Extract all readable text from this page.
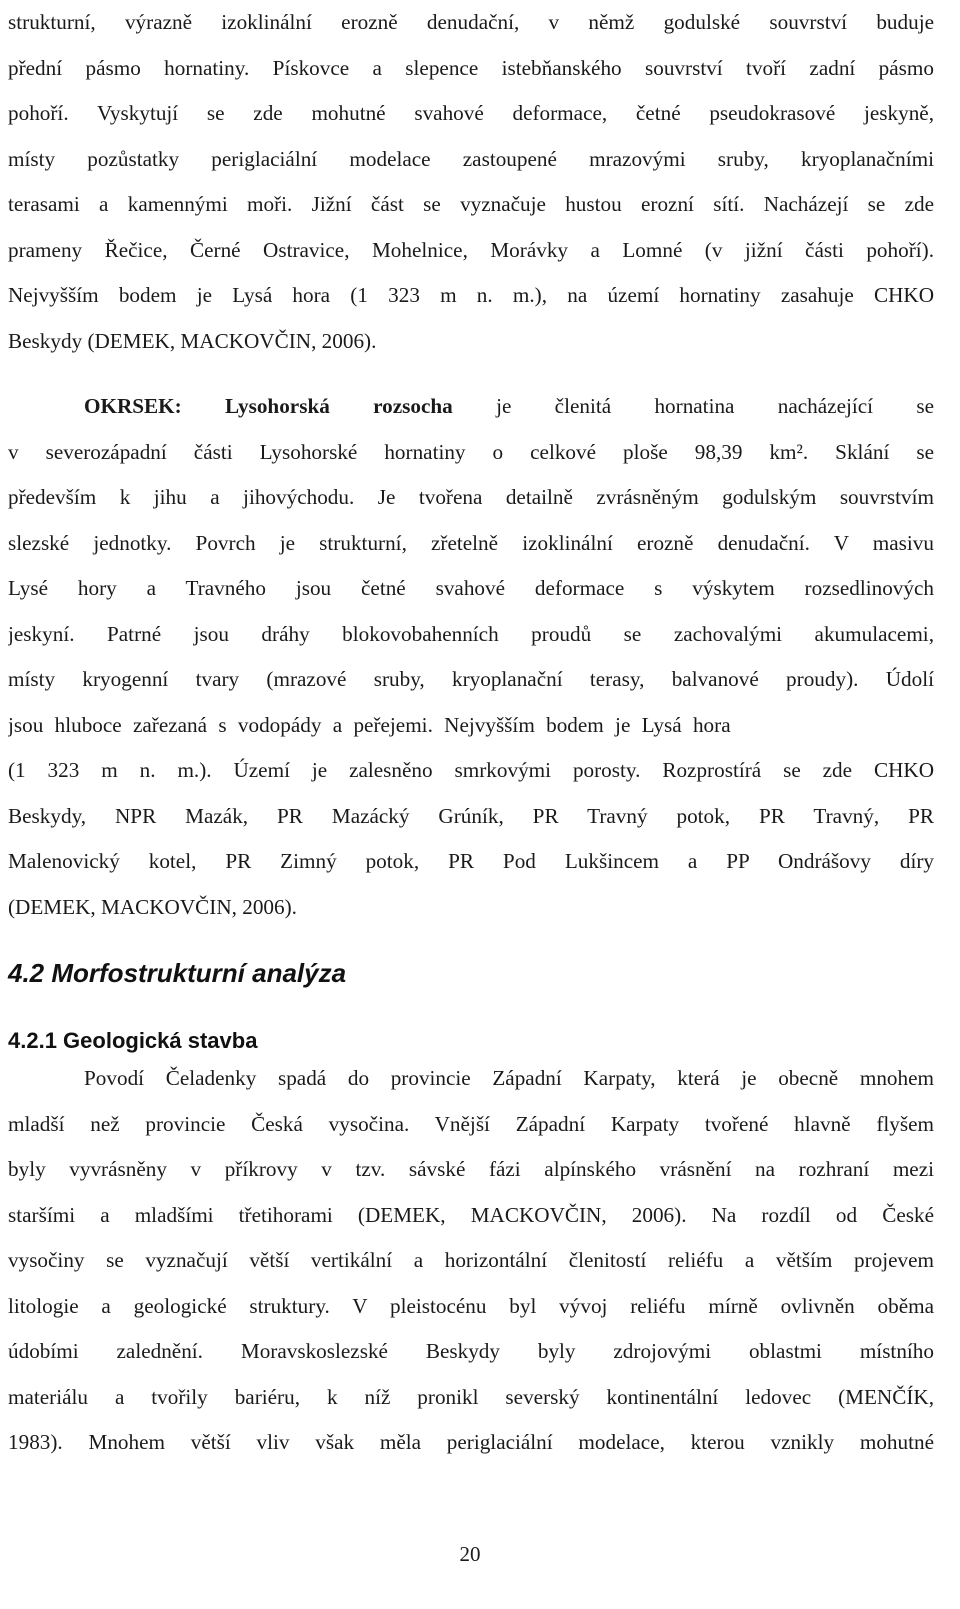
strukturní, výrazně izoklinální erozně denudační, v němž godulské souvrství buduje
přední pásmo hornatiny. Pískovce a slepence istebňanského souvrství tvoří zadní pásmo
pohoří. Vyskytují se zde mohutné svahové deformace, četné pseudokrasové jeskyně,
místy pozůstatky periglaciální modelace zastoupené mrazovými sruby, kryoplanačními
terasami a kamennými moři. Jižní část se vyznačuje hustou erozní sítí. Nacházejí se zde
prameny Řečice, Černé Ostravice, Mohelnice, Morávky a Lomné (v jižní části pohoří).
Nejvyšším bodem je Lysá hora (1 323 m n. m.), na území hornatiny zasahuje CHKO
Beskydy (DEMEK, MACKOVČIN, 2006).
OKRSEK: Lysohorská rozsocha je členitá hornatina nacházející se
v severozápadní části Lysohorské hornatiny o celkové ploše 98,39 km². Sklání se
především k jihu a jihovýchodu. Je tvořena detailně zvrásněným godulským souvrstvím
slezské jednotky. Povrch je strukturní, zřetelně izoklinální erozně denudační. V masivu
Lysé hory a Travného jsou četné svahové deformace s výskytem rozsedlinových
jeskyní. Patrné jsou dráhy blokovobahenních proudů se zachovalými akumulacemi,
místy kryogenní tvary (mrazové sruby, kryoplanační terasy, balvanové proudy). Údolí
jsou hluboce zařezaná s vodopády a peřejemi. Nejvyšším bodem je Lysá hora
(1 323 m n. m.). Území je zalesněno smrkovými porosty. Rozprostírá se zde CHKO
Beskydy, NPR Mazák, PR Mazácký Grúník, PR Travný potok, PR Travný, PR
Malenovický kotel, PR Zimný potok, PR Pod Lukšincem a PP Ondrášovy díry
(DEMEK, MACKOVČIN, 2006).
4.2 Morfostrukturní analýza
4.2.1 Geologická stavba
Povodí Čeladenky spadá do provincie Západní Karpaty, která je obecně mnohem
mladší než provincie Česká vysočina. Vnější Západní Karpaty tvořené hlavně flyšem
byly vyvrásněny v příkrovy v tzv. sávské fázi alpínského vrásnění na rozhraní mezi
staršími a mladšími třetihorami (DEMEK, MACKOVČIN, 2006). Na rozdíl od České
vysočiny se vyznačují větší vertikální a horizontální členitostí reliéfu a větším projevem
litologie a geologické struktury. V pleistocénu byl vývoj reliéfu mírně ovlivněn oběma
údobími zalednění. Moravskoslezské Beskydy byly zdrojovými oblastmi místního
materiálu a tvořily bariéru, k níž pronikl severský kontinentální ledovec (MENČÍK,
1983). Mnohem větší vliv však měla periglaciální modelace, kterou vznikly mohutné
20
